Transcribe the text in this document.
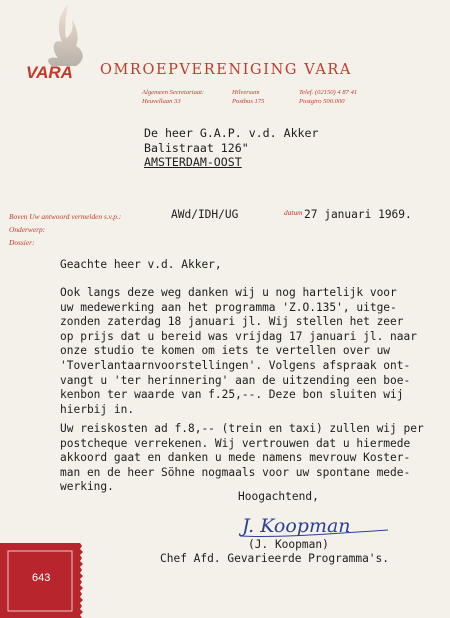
VARA OMROEPVERENIGING VARA
Algemeen Secretariaat:
Heuvellaan 33
Hilversum
Postbus 175
Telef. (02150) 4 87 41
Postgiro 500.000
De heer G.A.P. v.d. Akker
Balistraat 126"
AMSTERDAM-OOST
Boven Uw antwoord vermelden s.v.p.:	AWd/IDH/UG	datum 27 januari 1969.
Onderwerp:
Dossier:
Geachte heer v.d. Akker,
Ook langs deze weg danken wij u nog hartelijk voor
uw medewerking aan het programma 'Z.O.135', uitge-
zonden zaterdag 18 januari jl. Wij stellen het zeer
op prijs dat u bereid was vrijdag 17 januari jl. naar
onze studio te komen om iets te vertellen over uw
'Toverlantaarnvoorstellingen'. Volgens afspraak ont-
vangt u 'ter herinnering' aan de uitzending een boe-
kenbon ter waarde van f.25,--. Deze bon sluiten wij
hierbij in.
Uw reiskosten ad f.8,-- (trein en taxi) zullen wij per
postcheque verrekenen. Wij vertrouwen dat u hiermede
akkoord gaat en danken u mede namens mevrouw Koster-
man en de heer Söhne nogmaals voor uw spontane mede-
werking.
Hoogachtend,
J. Koopman
(J. Koopman)
Chef Afd. Gevarieerde Programma's.
643
